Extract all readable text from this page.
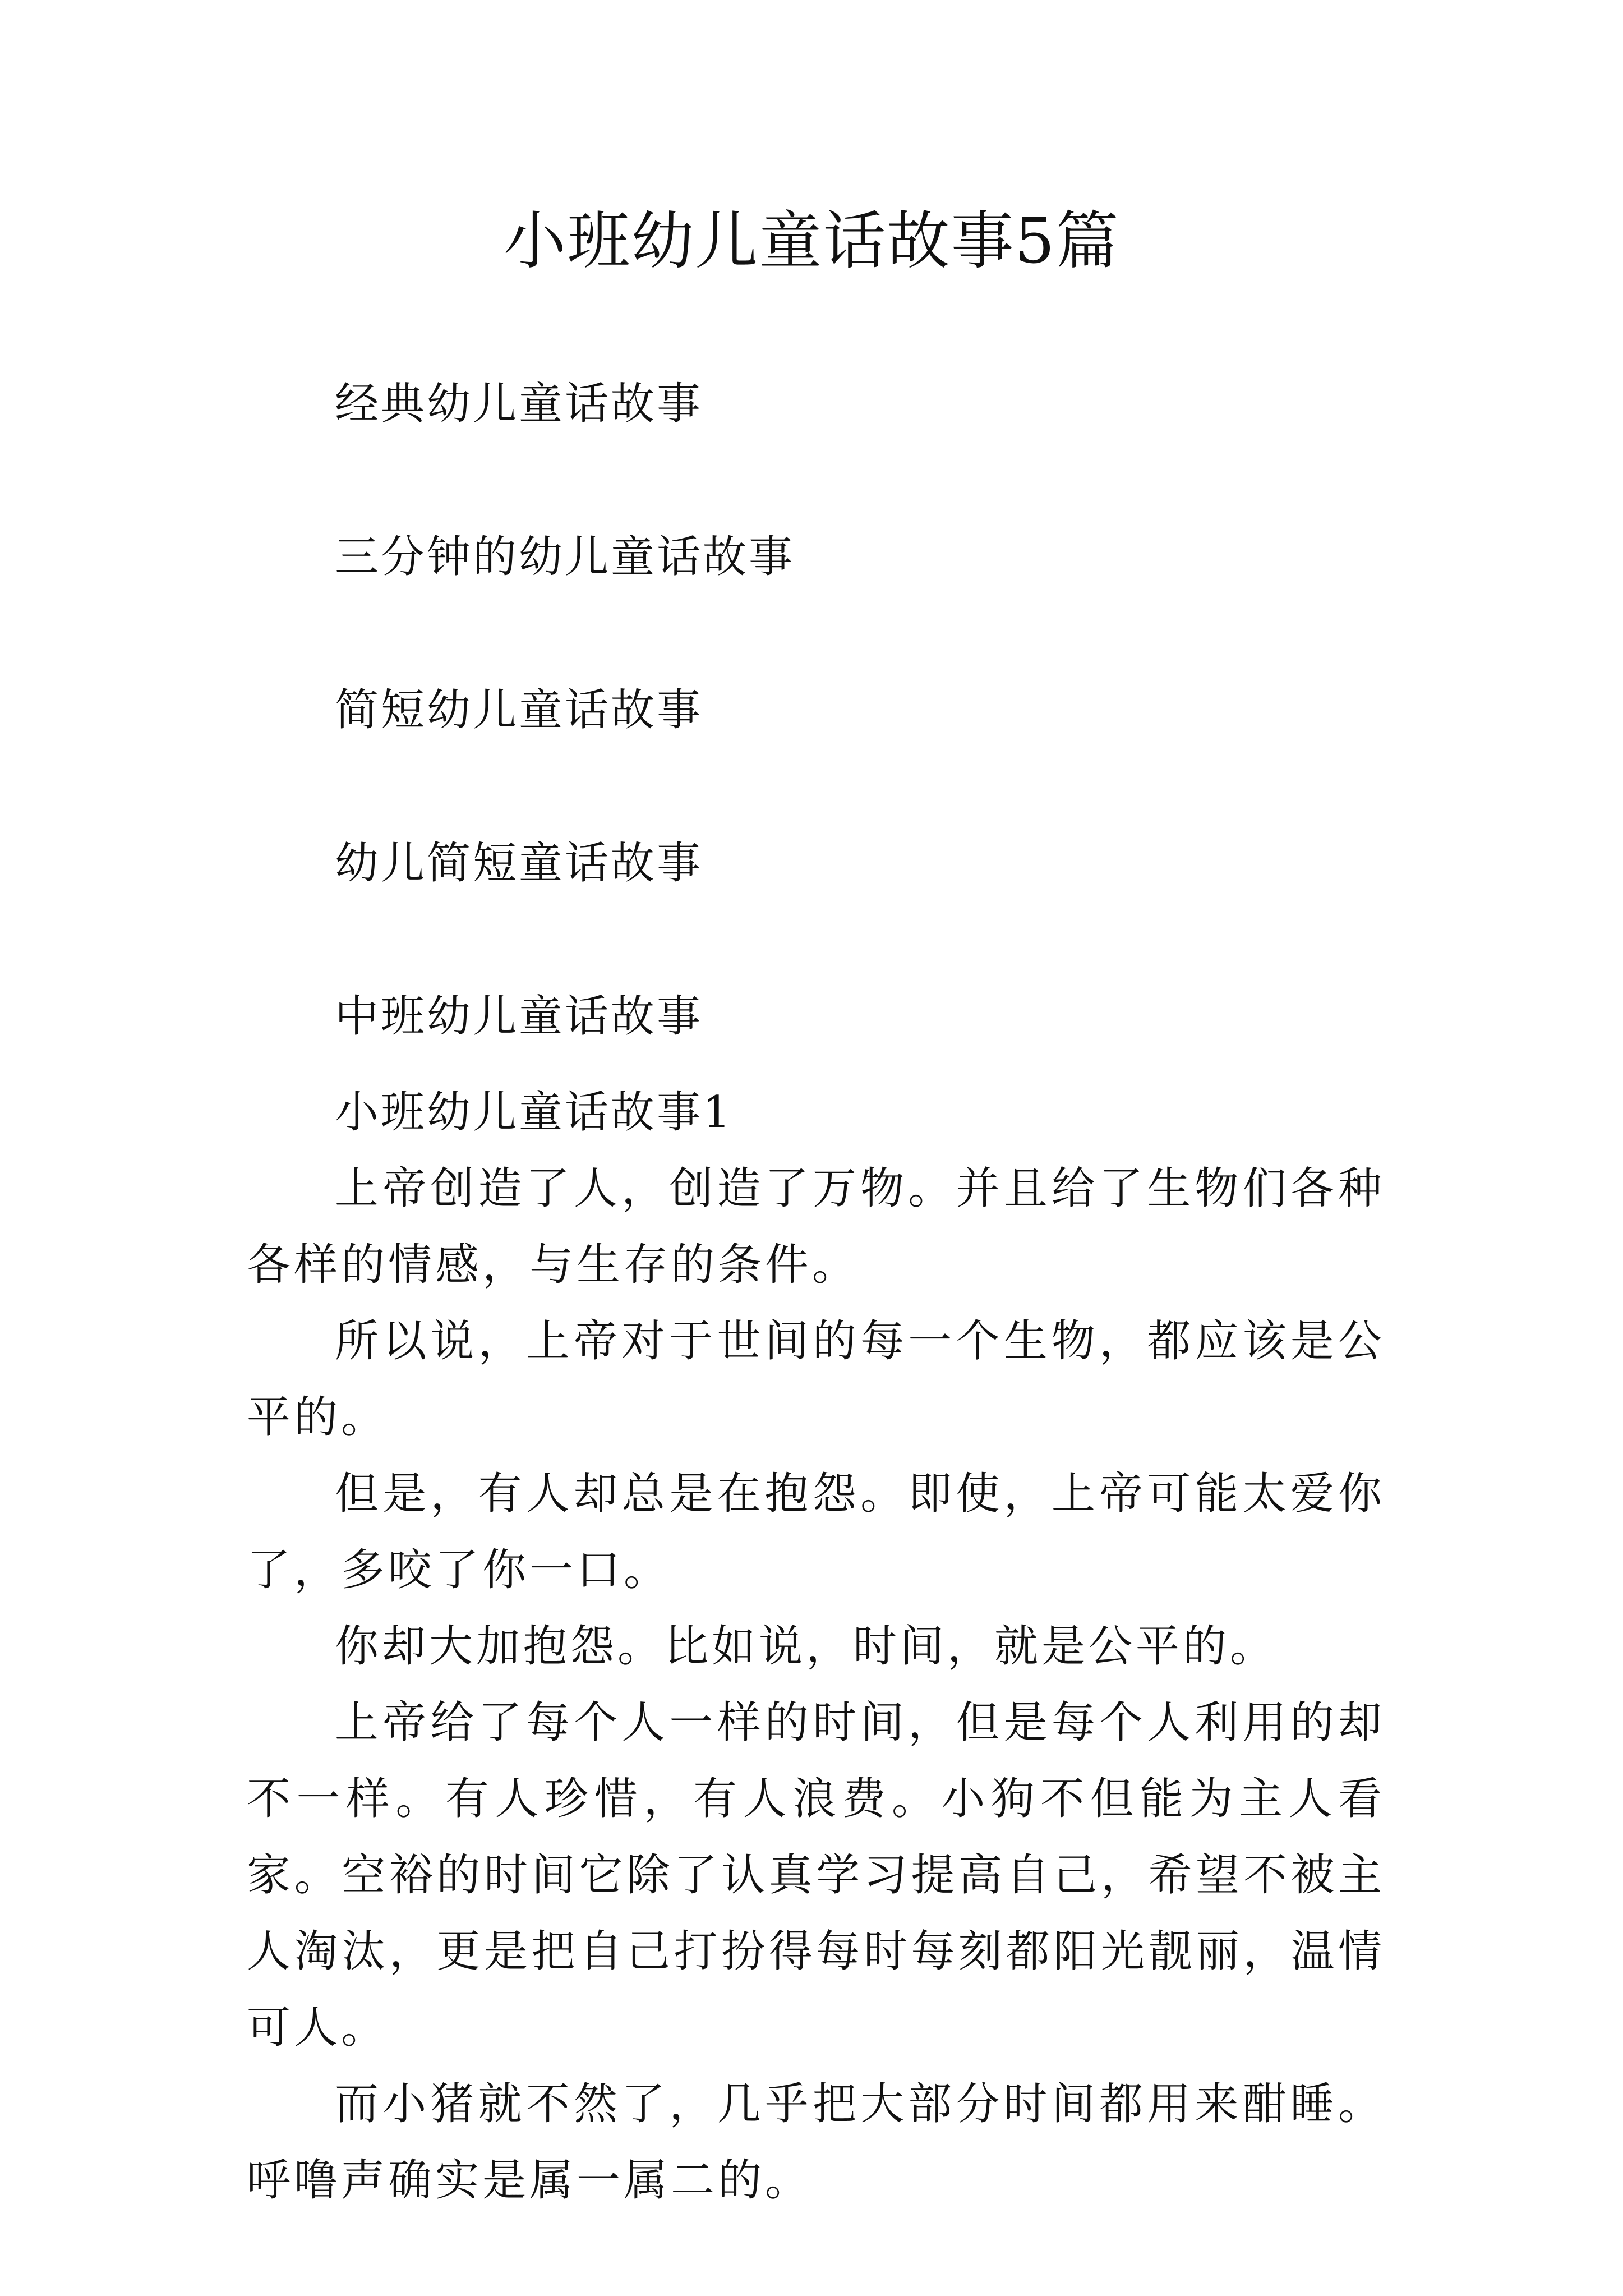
小班幼儿童话故事5篇
经典幼儿童话故事
三分钟的幼儿童话故事
简短幼儿童话故事
幼儿简短童话故事
中班幼儿童话故事
小班幼儿童话故事1

上帝创造了人，创造了万物。并且给了生物们各种各样的情感，与生存的条件。

所以说，上帝对于世间的每一个生物，都应该是公平的。

但是，有人却总是在抱怨。即使，上帝可能太爱你了，多咬了你一口。

你却大加抱怨。比如说，时间，就是公平的。

上帝给了每个人一样的时间，但是每个人利用的却不一样。有人珍惜，有人浪费。小狗不但能为主人看家。空裕的时间它除了认真学习提高自己，希望不被主人淘汰，更是把自己打扮得每时每刻都阳光靓丽，温情可人。

而小猪就不然了，几乎把大部分时间都用来酣睡。呼噜声确实是属一属二的。
